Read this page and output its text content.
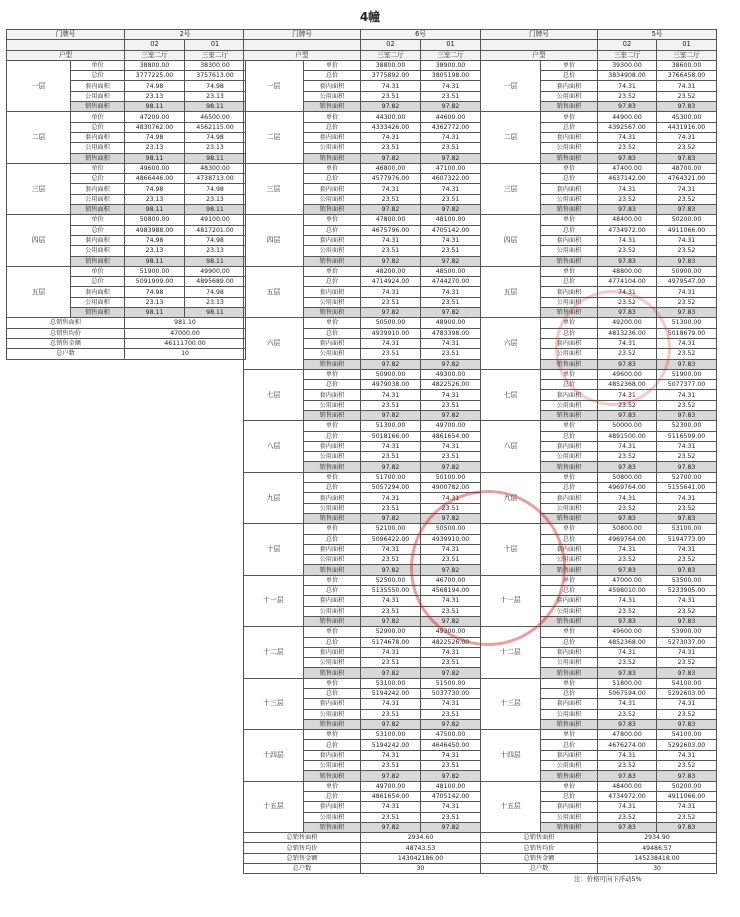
4幢
门牌号		2号	
		02	01
户型		三室二厅	三室二厅
一层	单价	38800.00	38300.00
	总价	3777225.00	3757613.00
	套内面积	74.98	74.98
	公用面积	23.13	23.13
	销售面积	98.11	98.11
二层	单价	47200.00	46500.00
	总价	4830762.00	4562115.00
	套内面积	74.98	74.98
	公用面积	23.13	23.13
	销售面积	98.11	98.11
三层	单价	49600.00	48300.00
	总价	4866446.00	4738713.00
	套内面积	74.98	74.98
	公用面积	23.13	23.13
	销售面积	98.11	98.11
四层	单价	50800.00	49100.00
	总价	4983988.00	4817201.00
	套内面积	74.98	74.98
	公用面积	23.13	23.13
	销售面积	98.11	98.11
五层	单价	51900.00	49900.00
	总价	5091909.00	4895689.00
	套内面积	74.98	74.98
	公用面积	23.13	23.13
	销售面积	98.11	98.11
总销售面积		981.10	
总销售均价		47000.00	
总销售金额		46111700.00	
总户数		10	
门牌号		6号	
		02	01
户型		三室二厅	三室二厅
一层	单价	38800.00	38900.00
	总价	3775892.00	3805198.00
	套内面积	74.31	74.31
	公用面积	23.51	23.51
	销售面积	97.82	97.82
二层	单价	44300.00	44600.00
	总价	4333426.00	4362772.00
	套内面积	74.31	74.31
	公用面积	23.51	23.51
	销售面积	97.82	97.82
三层	单价	46800.00	47100.00
	总价	4577976.00	4607322.00
	套内面积	74.31	74.31
	公用面积	23.51	23.51
	销售面积	97.82	97.82
四层	单价	47800.00	48100.00
	总价	4675796.00	4705142.00
	套内面积	74.31	74.31
	公用面积	23.51	23.51
	销售面积	97.82	97.82
五层	单价	48200.00	48500.00
	总价	4714924.00	4744270.00
	套内面积	74.31	74.31
	公用面积	23.51	23.51
	销售面积	97.82	97.82
六层	单价	50500.00	48900.00
	总价	4939910.00	4783398.00
	套内面积	74.31	74.31
	公用面积	23.51	23.51
	销售面积	97.82	97.82
七层	单价	50900.00	49300.00
	总价	4979038.00	4822526.00
	套内面积	74.31	74.31
	公用面积	23.51	23.51
	销售面积	97.82	97.82
八层	单价	51300.00	49700.00
	总价	5018166.00	4861654.00
	套内面积	74.31	74.31
	公用面积	23.51	23.51
	销售面积	97.82	97.82
九层	单价	51700.00	50100.00
	总价	5057294.00	4900782.00
	套内面积	74.31	74.31
	公用面积	23.51	23.51
	销售面积	97.82	97.82
十层	单价	52100.00	50500.00
	总价	5096422.00	4939910.00
	套内面积	74.31	74.31
	公用面积	23.51	23.51
	销售面积	97.82	97.82
十一层	单价	52500.00	46700.00
	总价	5135550.00	4568194.00
	套内面积	74.31	74.31
	公用面积	23.51	23.51
	销售面积	97.82	97.82
十二层	单价	52900.00	49300.00
	总价	5174678.00	4822526.00
	套内面积	74.31	74.31
	公用面积	23.51	23.51
	销售面积	97.82	97.82
十三层	单价	53100.00	51500.00
	总价	5194242.00	5037730.00
	套内面积	74.31	74.31
	公用面积	23.51	23.51
	销售面积	97.82	97.82
十四层	单价	53100.00	47500.00
	总价	5194242.00	4646450.00
	套内面积	74.31	74.31
	公用面积	23.51	23.51
	销售面积	97.82	97.82
十五层	单价	49700.00	48100.00
	总价	4861654.00	4705142.00
	套内面积	74.31	74.31
	公用面积	23.51	23.51
	销售面积	97.82	97.82
总销售面积		2934.60	
总销售均价		48743.53	
总销售金额		143042186.00	
总户数		30	
门牌号		5号	
		02	01
户型		三室二厅	三室二厅
一层	单价	39300.00	38600.00
	总价	3834908.00	3766458.00
	套内面积	74.31	74.31
	公用面积	23.52	23.52
	销售面积	97.83	97.83
二层	单价	44900.00	45300.00
	总价	4392567.00	4431916.00
	套内面积	74.31	74.31
	公用面积	23.52	23.52
	销售面积	97.83	97.83
三层	单价	47400.00	48700.00
	总价	4637142.00	4764321.00
	套内面积	74.31	74.31
	公用面积	23.52	23.52
	销售面积	97.83	97.83
四层	单价	48400.00	50200.00
	总价	4734972.00	4911066.00
	套内面积	74.31	74.31
	公用面积	23.52	23.52
	销售面积	97.83	97.83
五层	单价	48800.00	50900.00
	总价	4774104.00	4979547.00
	套内面积	74.31	74.31
	公用面积	23.52	23.52
	销售面积	97.83	97.83
六层	单价	49200.00	51300.00
	总价	4813236.00	5018679.00
	套内面积	74.31	74.31
	公用面积	23.52	23.52
	销售面积	97.83	97.83
七层	单价	49600.00	51900.00
	总价	4852368.00	5077377.00
	套内面积	74.31	74.31
	公用面积	23.52	23.52
	销售面积	97.83	97.83
八层	单价	50000.00	52300.00
	总价	4891500.00	5116509.00
	套内面积	74.31	74.31
	公用面积	23.52	23.52
	销售面积	97.83	97.83
九层	单价	50800.00	52700.00
	总价	4969764.00	5155641.00
	套内面积	74.31	74.31
	公用面积	23.52	23.52
	销售面积	97.83	97.83
十层	单价	50800.00	53100.00
	总价	4969764.00	5194773.00
	套内面积	74.31	74.31
	公用面积	23.52	23.52
	销售面积	97.83	97.83
十一层	单价	47000.00	53500.00
	总价	4598010.00	5233905.00
	套内面积	74.31	74.31
	公用面积	23.52	23.52
	销售面积	97.83	97.83
十二层	单价	49600.00	53900.00
	总价	4852368.00	5273037.00
	套内面积	74.31	74.31
	公用面积	23.52	23.52
	销售面积	97.83	97.83
十三层	单价	51800.00	54100.00
	总价	5067594.00	5292603.00
	套内面积	74.31	74.31
	公用面积	23.52	23.52
	销售面积	97.83	97.83
十四层	单价	47800.00	54100.00
	总价	4676274.00	5292603.00
	套内面积	74.31	74.31
	公用面积	23.52	23.52
	销售面积	97.83	97.83
十五层	单价	48400.00	50200.00
	总价	4734972.00	4911066.00
	套内面积	74.31	74.31
	公用面积	23.52	23.52
	销售面积	97.83	97.83
总销售面积		2934.90	
总销售均价		49486.57	
总销售金额		145238418.00	
总户数		30	
注：价格可向下浮动5%
